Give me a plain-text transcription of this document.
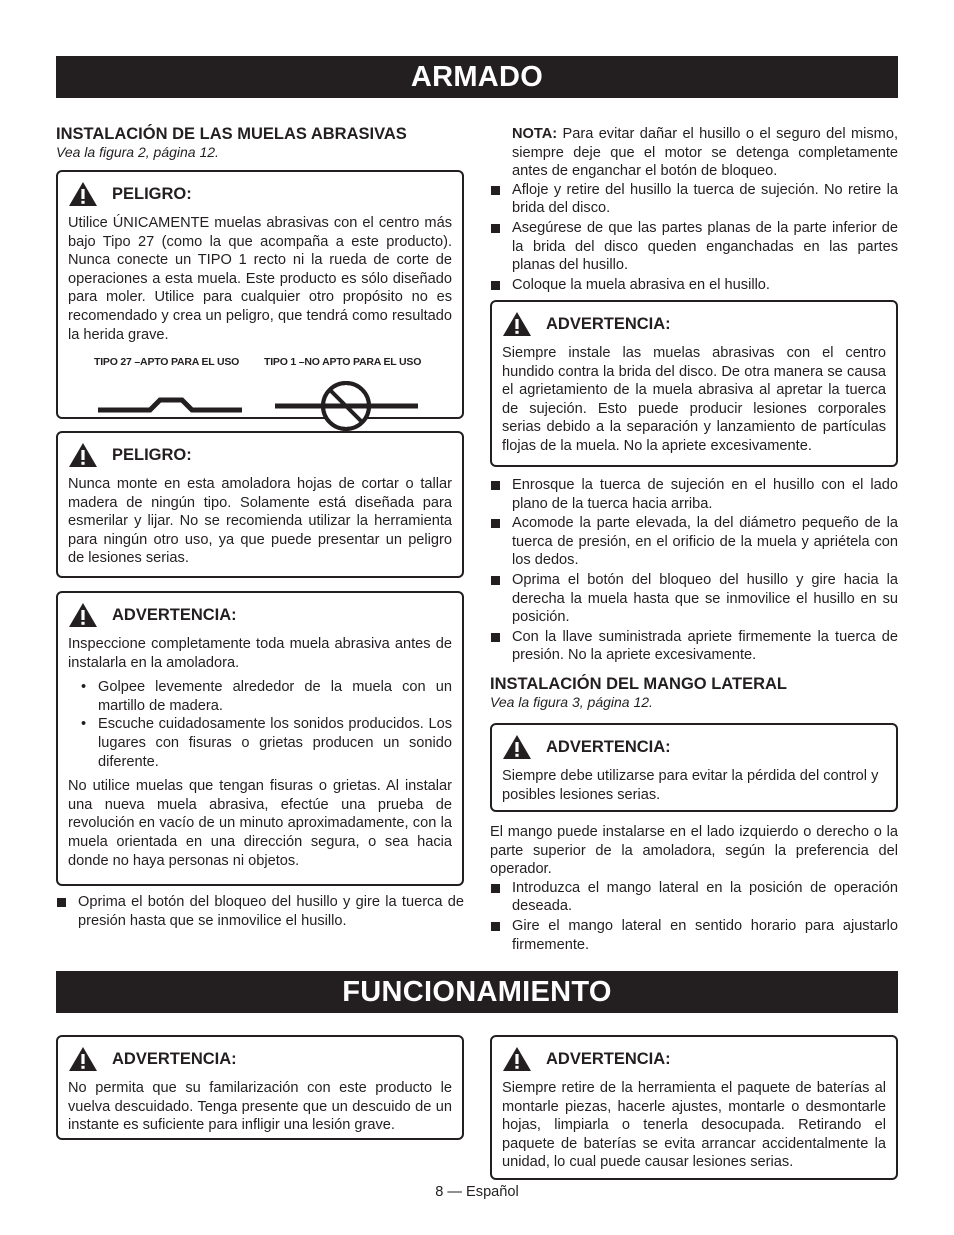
ARMADO
INSTALACIÓN DE LAS MUELAS ABRASIVAS
Vea la figura 2, página 12.
PELIGRO:

Utilice ÚNICAMENTE muelas abrasivas con el centro más bajo Tipo 27 (como la que acompaña a este producto). Nunca conecte un TIPO 1 recto ni la rueda de corte de operaciones a esta muela. Este producto es sólo diseñado para moler. Utilice para cualquier otro propósito no es recomendado y crea un peligro, que tendrá como resultado la herida grave.

TIPO 27 –APTO PARA EL USO	TIPO 1 –NO APTO PARA EL USO
PELIGRO:

Nunca monte en esta amoladora hojas de cortar o tallar madera de ningún tipo. Solamente está diseñada para esmerilar y lijar. No se recomienda utilizar la herramienta para ningún otro uso, ya que puede presentar un peligro de lesiones serias.

ADVERTENCIA:

Inspeccione completamente toda muela abrasiva antes de instalarla en la amoladora.

• Golpee levemente alrededor de la muela con un martillo de madera.
• Escuche cuidadosamente los sonidos producidos. Los lugares con fisuras o grietas producen un sonido diferente.

No utilice muelas que tengan fisuras o grietas. Al instalar una nueva muela abrasiva, efectúe una prueba de revolución en vacío de un minuto aproximadamente, con la muela orientada en una dirección segura, o sea hacia donde no haya personas ni objetos.

Oprima el botón del bloqueo del husillo y gire la tuerca de presión hasta que se inmovilice el husillo.

NOTA: Para evitar dañar el husillo o el seguro del mismo, siempre deje que el motor se detenga completamente antes de enganchar el botón de bloqueo.

Afloje y retire del husillo la tuerca de sujeción. No retire la brida del disco.
Asegúrese de que las partes planas de la parte inferior de la brida del disco queden enganchadas en las partes planas del husillo.
Coloque la muela abrasiva en el husillo.
ADVERTENCIA:

Siempre instale las muelas abrasivas con el centro hundido contra la brida del disco. De otra manera se causa el agrietamiento de la muela abrasiva al apretar la tuerca de sujeción. Esto puede producir lesiones corporales serias debido a la separación y lanzamiento de partículas flojas de la muela. No la apriete excesivamente.

Enrosque la tuerca de sujeción en el husillo con el lado plano de la tuerca hacia arriba.
Acomode la parte elevada, la del diámetro pequeño de la tuerca de presión, en el orificio de la muela y apriétela con los dedos.
Oprima el botón del bloqueo del husillo y gire hacia la derecha la muela hasta que se inmovilice el husillo en su posición.
Con la llave suministrada apriete firmemente la tuerca de presión. No la apriete excesivamente.
INSTALACIÓN DEL MANGO LATERAL
Vea la figura 3, página 12.
ADVERTENCIA:

Siempre debe utilizarse para evitar la pérdida del control y posibles lesiones serias.

El mango puede instalarse en el lado izquierdo o derecho o la parte superior de la amoladora, según la preferencia del operador.

Introduzca el mango lateral en la posición de operación deseada.
Gire el mango lateral en sentido horario para ajustarlo firmemente.
FUNCIONAMIENTO
ADVERTENCIA:

No permita que su familarización con este producto le vuelva descuidado. Tenga presente que un descuido de un instante es suficiente para infligir una lesión grave.

ADVERTENCIA:

Siempre retire de la herramienta el paquete de baterías al montarle piezas, hacerle ajustes, montarle o desmontarle hojas, limpiarla o tenerla desocupada. Retirando el paquete de baterías se evita arrancar accidentalmente la unidad, lo cual puede causar lesiones serias.

8 — Español
